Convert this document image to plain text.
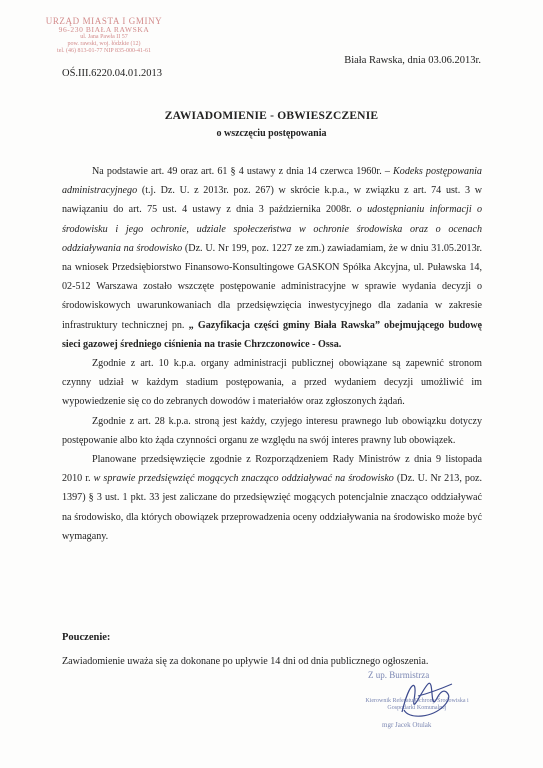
URZĄD MIASTA I GMINY
96-230 BIAŁA RAWSKA
ul. Jana Pawła II 57
pow. rawski, woj. łódzkie (12)
tel. (46) 813-01-77 NIP 835-000-41-61
Biała Rawska, dnia 03.06.2013r.
OŚ.III.6220.04.01.2013
ZAWIADOMIENIE - OBWIESZCZENIE
o wszczęciu postępowania

Na podstawie art. 49 oraz art. 61 § 4 ustawy z dnia 14 czerwca 1960r. – Kodeks postępowania administracyjnego (t.j. Dz. U. z 2013r. poz. 267) w skrócie k.p.a., w związku z art. 74 ust. 3 w nawiązaniu do art. 75 ust. 4 ustawy z dnia 3 października 2008r. o udostępnianiu informacji o środowisku i jego ochronie, udziale społeczeństwa w ochronie środowiska oraz o ocenach oddziaływania na środowisko (Dz. U. Nr 199, poz. 1227 ze zm.) zawiadamiam, że w dniu 31.05.2013r. na wniosek Przedsiębiorstwo Finansowo-Konsultingowe GASKON Spółka Akcyjna, ul. Puławska 14, 02-512 Warszawa zostało wszczęte postępowanie administracyjne w sprawie wydania decyzji o środowiskowych uwarunkowaniach dla przedsięwzięcia inwestycyjnego dla zadania w zakresie infrastruktury technicznej pn. „ Gazyfikacja części gminy Biała Rawska” obejmującego budowę sieci gazowej średniego ciśnienia na trasie Chrzczonowice - Ossa.

Zgodnie z art. 10 k.p.a. organy administracji publicznej obowiązane są zapewnić stronom czynny udział w każdym stadium postępowania, a przed wydaniem decyzji umożliwić im wypowiedzenie się co do zebranych dowodów i materiałów oraz zgłoszonych żądań.

Zgodnie z art. 28 k.p.a. stroną jest każdy, czyjego interesu prawnego lub obowiązku dotyczy postępowanie albo kto żąda czynności organu ze względu na swój interes prawny lub obowiązek.

Planowane przedsięwzięcie zgodnie z Rozporządzeniem Rady Ministrów z dnia 9 listopada 2010 r. w sprawie przedsięwzięć mogących znacząco oddziaływać na środowisko (Dz. U. Nr 213, poz. 1397) § 3 ust. 1 pkt. 33 jest zaliczane do przedsięwzięć mogących potencjalnie znacząco oddziaływać na środowisko, dla których obowiązek przeprowadzenia oceny oddziaływania na środowisko może być wymagany.

Pouczenie:
Zawiadomienie uważa się za dokonane po upływie 14 dni od dnia publicznego ogłoszenia.
Z up. Burmistrza
Kierownik Referatu Ochrony Środowiska i Gospodarki Komunalnej
mgr Jacek Otulak
